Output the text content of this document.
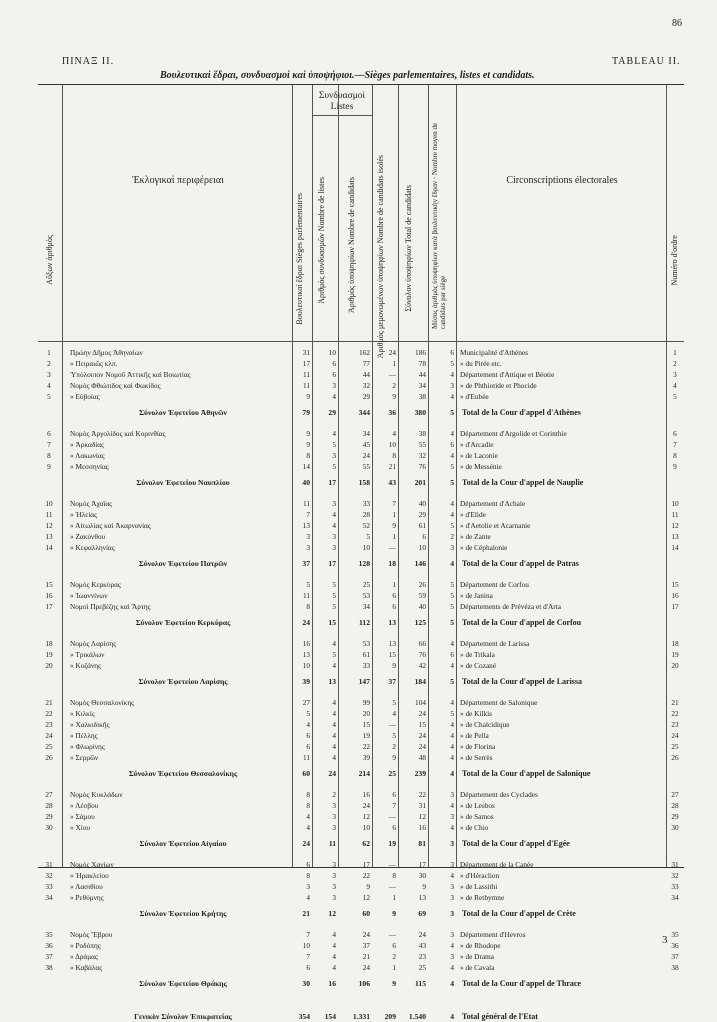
86
ΠΙΝΑΞ II.	TABLEAU II.
Βουλευτικαὶ ἕδραι, συνδυασμοὶ καὶ ὑποψήφιοι.—Sièges parlementaires, listes et candidats.
Αὔξων ἀριθμὸς
Ἐκλογικαὶ περιφέρειαι
Βουλευτικαὶ ἕδραι Sièges parlementaires
Συνδυασμοὶ Listes
Ἀριθμὸς συνδυασμῶν Nombre de listes	Ἀριθμὸς ὑποψηφίων Nombre de candidats	Ἀριθμὸς μεμονωμένων ὑποψηφίων Nombre de candidats isolés	Σύνολον ὑποψηφίων Total de candidats	Μέσος ἀριθμὸς ὑποψηφίων κατὰ βουλευτικὴν ἕδραν · Nombre moyen de candidats par siège
Circonscriptions électorales
Numéro d'ordre
1	Πρώην Δῆμος Ἀθηναίων	31	10	162	24	186	6 Municipalité d'Athènes	1
2	» Πειραιῶς κλπ.	17	6	77	1	78	5 » du Pirée etc.	2
3	Ὑπόλοιπον Νομοῦ Ἀττικῆς καὶ Βοιωτίας	11	6	44	—	44	4 Département d'Attique et Béotie	3
4	Νομὸς Φθιώτιδος καὶ Φωκίδος	11	3	32	2	34	3 » de Phthiotide et Phocide	4
5	» Εὐβοίας	9	4	29	9	38	4 » d'Eubée	5
Σύνολον Ἐφετείου Ἀθηνῶν	79	29	344	36	380	5 Total de la Cour d'appel d'Athènes
6	Νομὸς Ἀργολίδος καὶ Κορινθίας	9	4	34	4	38	4 Département d'Argolide et Corinthie	6
7	» Ἀρκαδίας	9	5	45	10	55	6 » d'Arcadie	7
8	» Λακωνίας	8	3	24	8	32	4 » de Laconie	8
9	» Μεσσηνίας	14	5	55	21	76	5 » de Messénie	9
Σύνολον Ἐφετείου Ναυπλίου	40	17	158	43	201	5 Total de la Cour d'appel de Nauplie
10	Νομὸς Ἀχαΐας	11	3	33	7	40	4 Département d'Achaïe	10
11	» Ἠλείας	7	4	28	1	29	4 » d'Elide	11
12	» Αἰτωλίας καὶ Ἀκαρνανίας	13	4	52	9	61	5 » d'Aetolie et Acarnanie	12
13	» Ζακύνθου	3	3	5	1	6	2 » de Zante	13
14	» Κεφαλληνίας	3	3	10	—	10	3 » de Céphalonie	14
Σύνολον Ἐφετείου Πατρῶν	37	17	128	18	146	4 Total de la Cour d'appel de Patras
15	Νομὸς Κερκύρας	5	5	25	1	26	5 Département de Corfou	15
16	» Ἰωαννίνων	11	5	53	6	59	5 » de Janina	16
17	Νομοὶ Πρεβέζης καὶ Ἄρτης	8	5	34	6	40	5 Départements de Prévéza et d'Arta	17
Σύνολον Ἐφετείου Κερκύρας	24	15	112	13	125	5 Total de la Cour d'appel de Corfou
18	Νομὸς Λαρίσης	16	4	53	13	66	4 Département de Larissa	18
19	» Τρικάλων	13	5	61	15	76	6 » de Trikala	19
20	» Κοζάνης	10	4	33	9	42	4 » de Cozané	20
Σύνολον Ἐφετείου Λαρίσης	39	13	147	37	184	5 Total de la Cour d'appel de Larissa
21	Νομὸς Θεσσαλονίκης	27	4	99	5	104	4 Département de Salonique	21
22	» Κιλκίς	5	4	20	4	24	5 » de Kilkis	22
23	» Χαλκιδικῆς	4	4	15	—	15	4 » de Chalcidique	23
24	» Πέλλης	6	4	19	5	24	4 » de Pella	24
25	» Φλωρίνης	6	4	22	2	24	4 » de Florina	25
26	» Σερρῶν	11	4	39	9	48	4 » de Serrès	26
Σύνολον Ἐφετείου Θεσσαλονίκης	60	24	214	25	239	4 Total de la Cour d'appel de Salonique
27	Νομὸς Κυκλάδων	8	2	16	6	22	3 Département des Cyclades	27
28	» Λέσβου	8	3	24	7	31	4 » de Lesbos	28
29	» Σάμου	4	3	12	—	12	3 » de Samos	29
30	» Χίου	4	3	10	6	16	4 » de Chio	30
Σύνολον Ἐφετείου Αἰγαίου	24	11	62	19	81	3 Total de la Cour d'appel d'Egée
31	Νομὸς Χανίων	6	3	17	—	17	3 Département de la Canée	31
32	» Ἡρακλείου	8	3	22	8	30	4 » d'Héraclion	32
33	» Λασιθίου	3	3	9	—	9	3 » de Lassithi	33
34	» Ρεθύμνης	4	3	12	1	13	3 » de Rethymne	34
Σύνολον Ἐφετείου Κρήτης	21	12	60	9	69	3 Total de la Cour d'appel de Crète
35	Νομὸς Ἕβρου	7	4	24	—	24	3 Département d'Hevros	35
36	» Ροδόπης	10	4	37	6	43	4 » de Rhodope	36
37	» Δράμας	7	4	21	2	23	3 » de Drama	37
38	» Καβάλας	6	4	24	1	25	4 » de Cavala	38
Σύνολον Ἐφετείου Θράκης	30	16	106	9	115	4 Total de la Cour d'appel de Thrace
Γενικὸν Σύνολον Ἐπικρατείας	354	154	1.331	209	1.540	4 Total général de l'Etat
3
